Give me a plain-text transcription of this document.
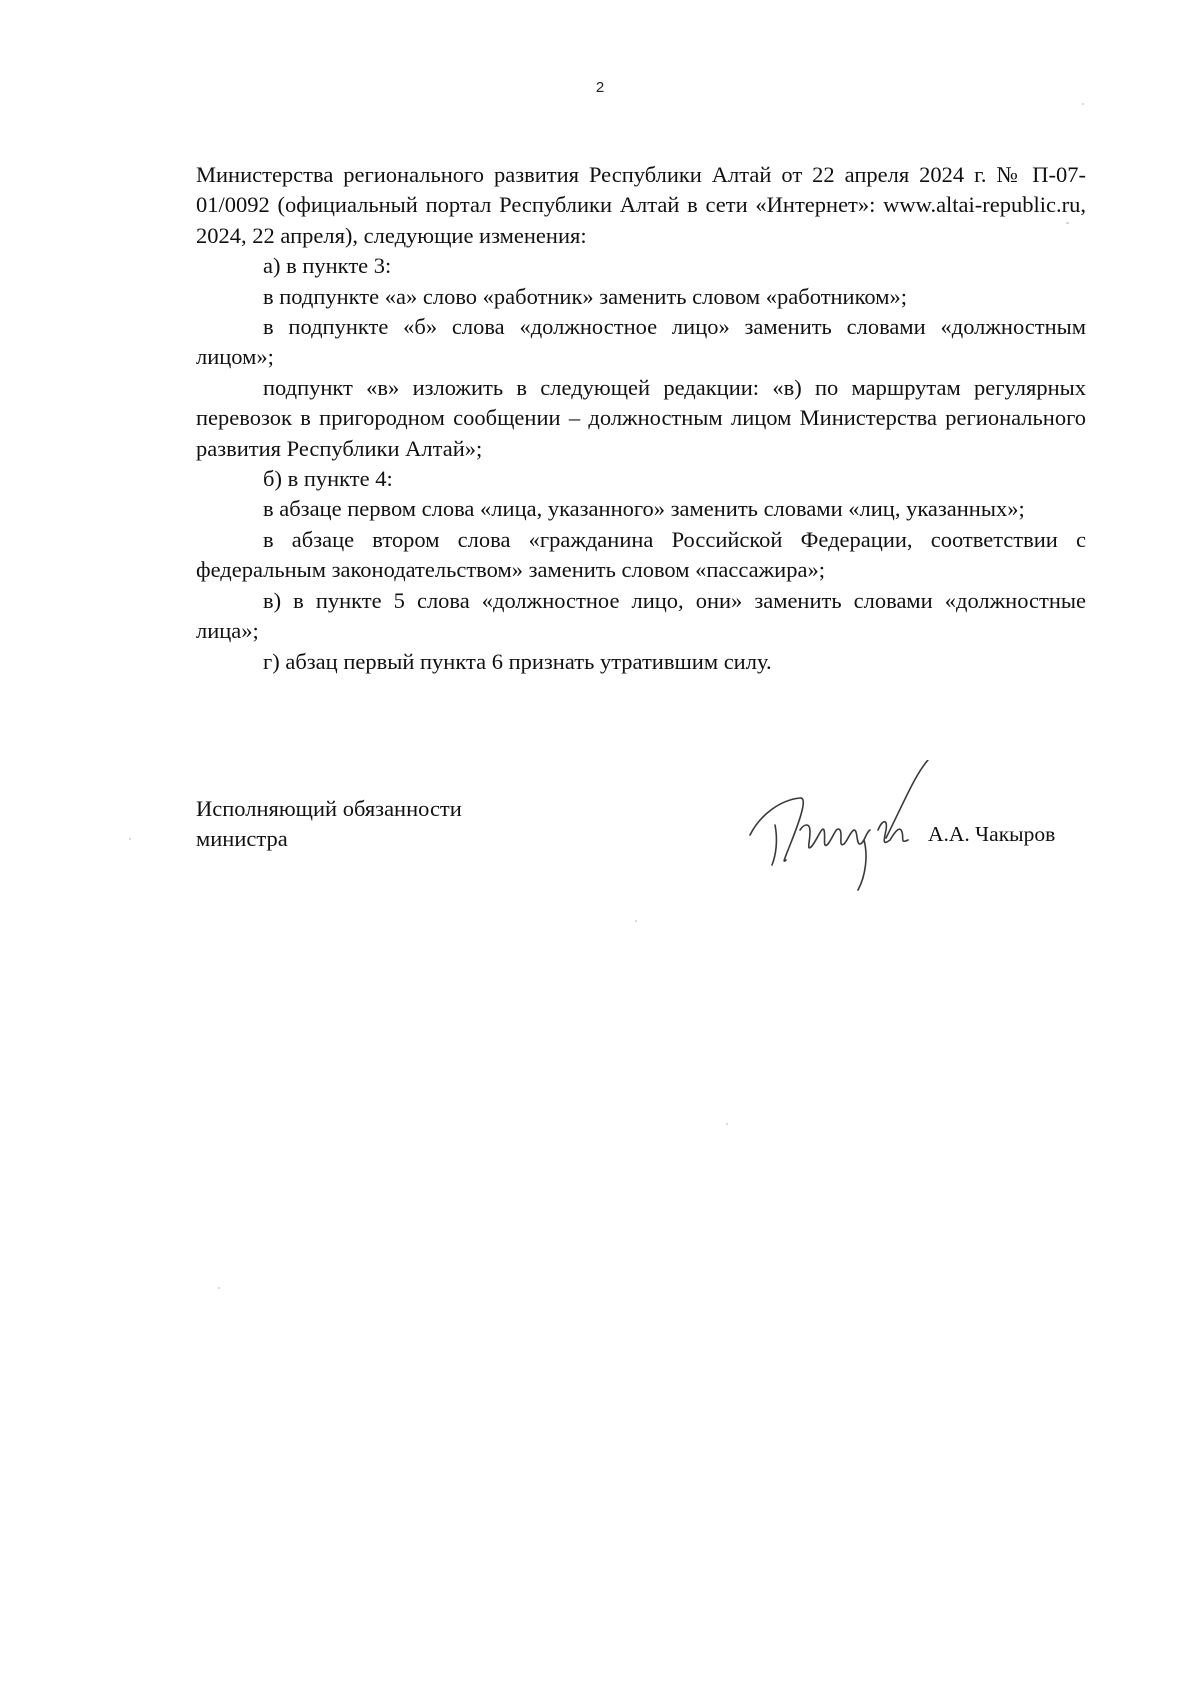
2

Министерства регионального развития Республики Алтай от 22 апреля 2024 г. № П-07-01/0092 (официальный портал Республики Алтай в сети «Интернет»: www.altai-republic.ru, 2024, 22 апреля), следующие изменения:

а) в пункте 3:

в подпункте «а» слово «работник» заменить словом «работником»;

в подпункте «б» слова «должностное лицо» заменить словами «должностным лицом»;

подпункт «в» изложить в следующей редакции: «в) по маршрутам регулярных перевозок в пригородном сообщении – должностным лицом Министерства регионального развития Республики Алтай»;

б) в пункте 4:

в абзаце первом слова «лица, указанного» заменить словами «лиц, указанных»;

в абзаце втором слова «гражданина Российской Федерации, соответствии с федеральным законодательством» заменить словом «пассажира»;

в) в пункте 5 слова «должностное лицо, они» заменить словами «должностные лица»;

г) абзац первый пункта 6 признать утратившим силу.

Исполняющий обязанности
министра	А.А. Чакыров
